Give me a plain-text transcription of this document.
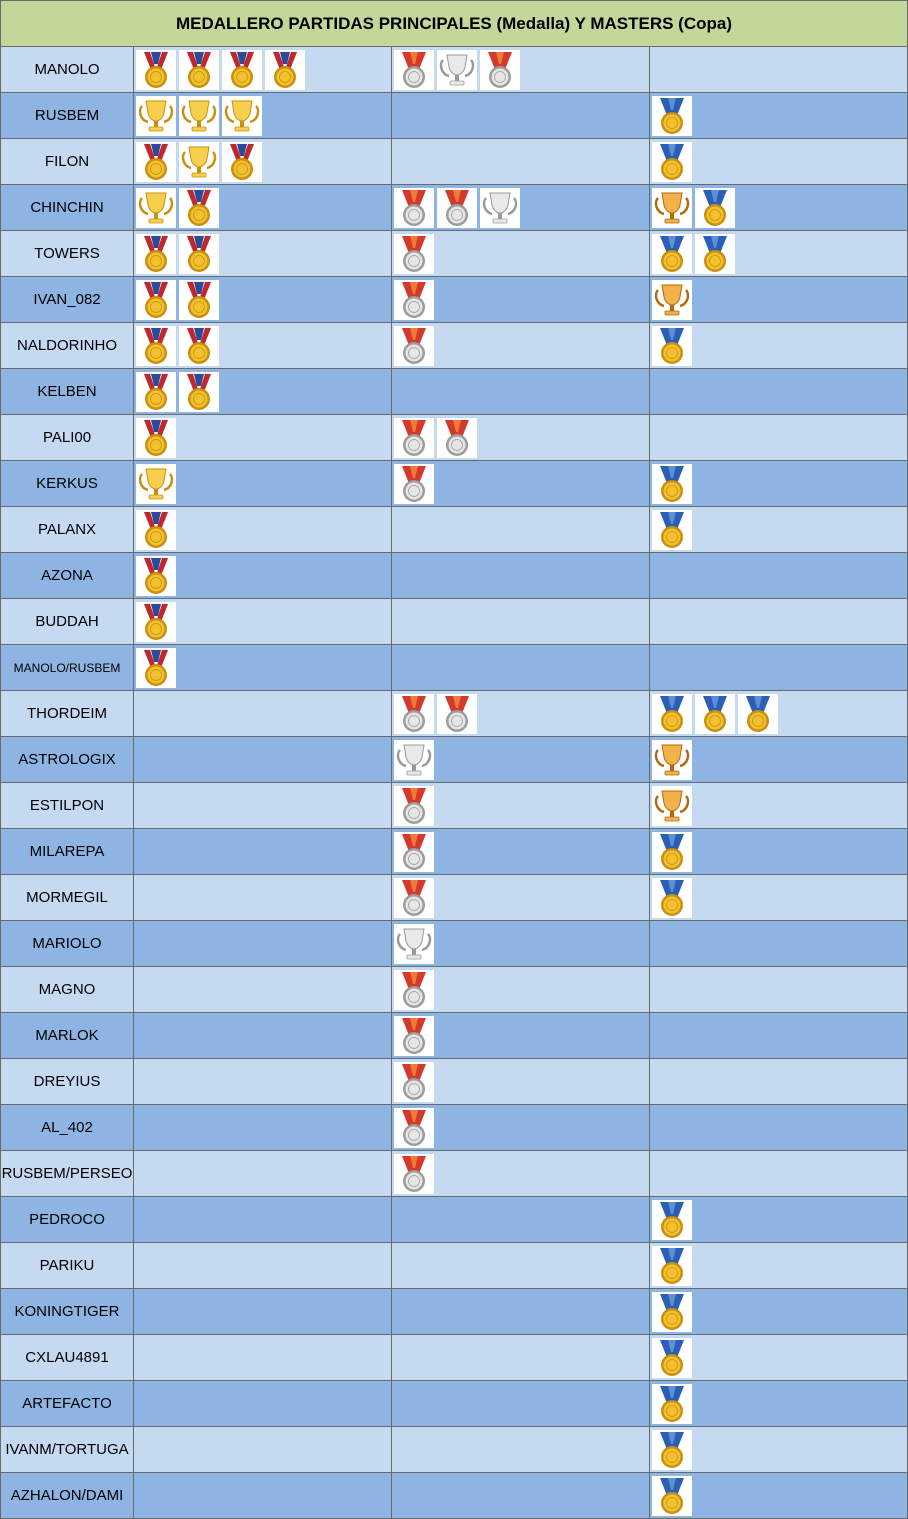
MEDALLERO PARTIDAS PRINCIPALES (Medalla) Y MASTERS (Copa)
MANOLO
RUSBEM
FILON
CHINCHIN
TOWERS
IVAN_082
NALDORINHO
KELBEN
PALI00
KERKUS
PALANX
AZONA
BUDDAH
MANOLO/RUSBEM
THORDEIM
ASTROLOGIX
ESTILPON
MILAREPA
MORMEGIL
MARIOLO
MAGNO
MARLOK
DREYIUS
AL_402
RUSBEM/PERSEO
PEDROCO
PARIKU
KONINGTIGER
CXLAU4891
ARTEFACTO
IVANM/TORTUGA
AZHALON/DAMI
